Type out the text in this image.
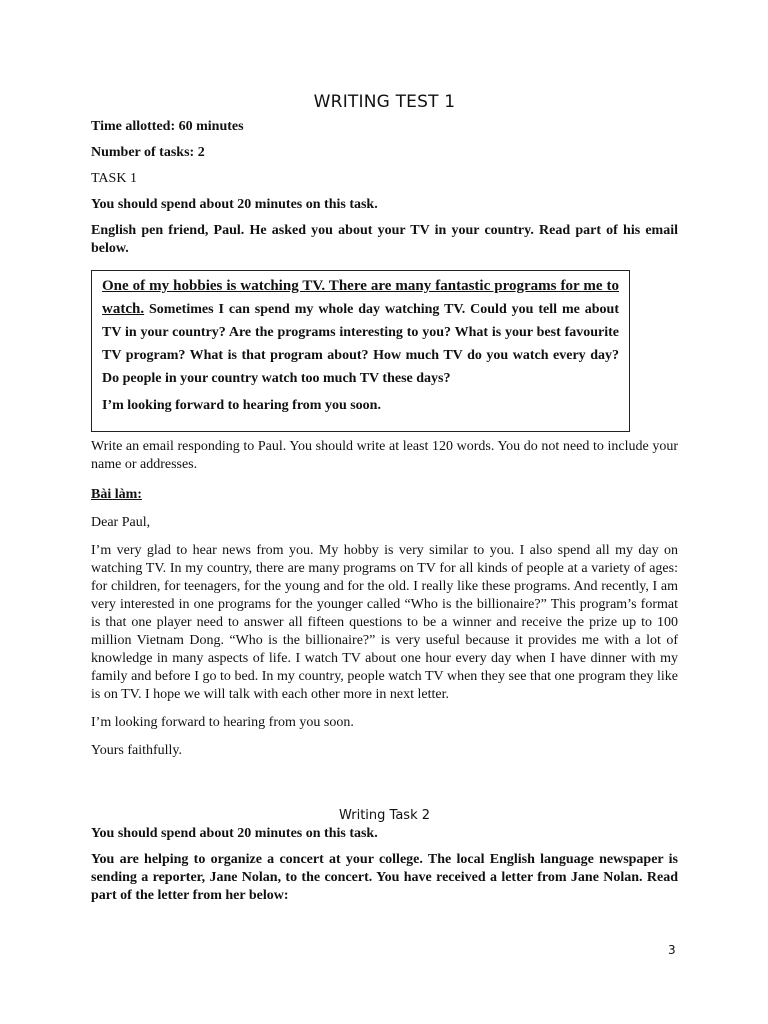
WRITING TEST 1

Time allotted: 60 minutes

Number of tasks: 2

TASK 1

You should spend about 20 minutes on this task.

English pen friend, Paul. He asked you about your TV in your country. Read part of his email below.

One of my hobbies is watching TV. There are many fantastic programs for me to watch. Sometimes I can spend my whole day watching TV. Could you tell me about TV in your country? Are the programs interesting to you? What is your best favourite TV program? What is that program about? How much TV do you watch every day? Do people in your country watch too much TV these days?

I’m looking forward to hearing from you soon.

Write an email responding to Paul. You should write at least 120 words. You do not need to include your name or addresses.

Bài làm:

Dear Paul,

I’m very glad to hear news from you. My hobby is very similar to you. I also spend all my day on watching TV. In my country, there are many programs on TV for all kinds of people at a variety of ages: for children, for teenagers, for the young and for the old. I really like these programs. And recently, I am very interested in one programs for the younger called “Who is the billionaire?” This program’s format is that one player need to answer all fifteen questions to be a winner and receive the prize up to 100 million Vietnam Dong. “Who is the billionaire?” is very useful because it provides me with a lot of knowledge in many aspects of life. I watch TV about one hour every day when I have dinner with my family and before I go to bed. In my country, people watch TV when they see that one program they like is on TV. I hope we will talk with each other more in next letter.

I’m looking forward to hearing from you soon.

Yours faithfully.

Writing Task 2

You should spend about 20 minutes on this task.

You are helping to organize a concert at your college. The local English language newspaper is sending a reporter, Jane Nolan, to the concert. You have received a letter from Jane Nolan. Read part of the letter from her below:

3
